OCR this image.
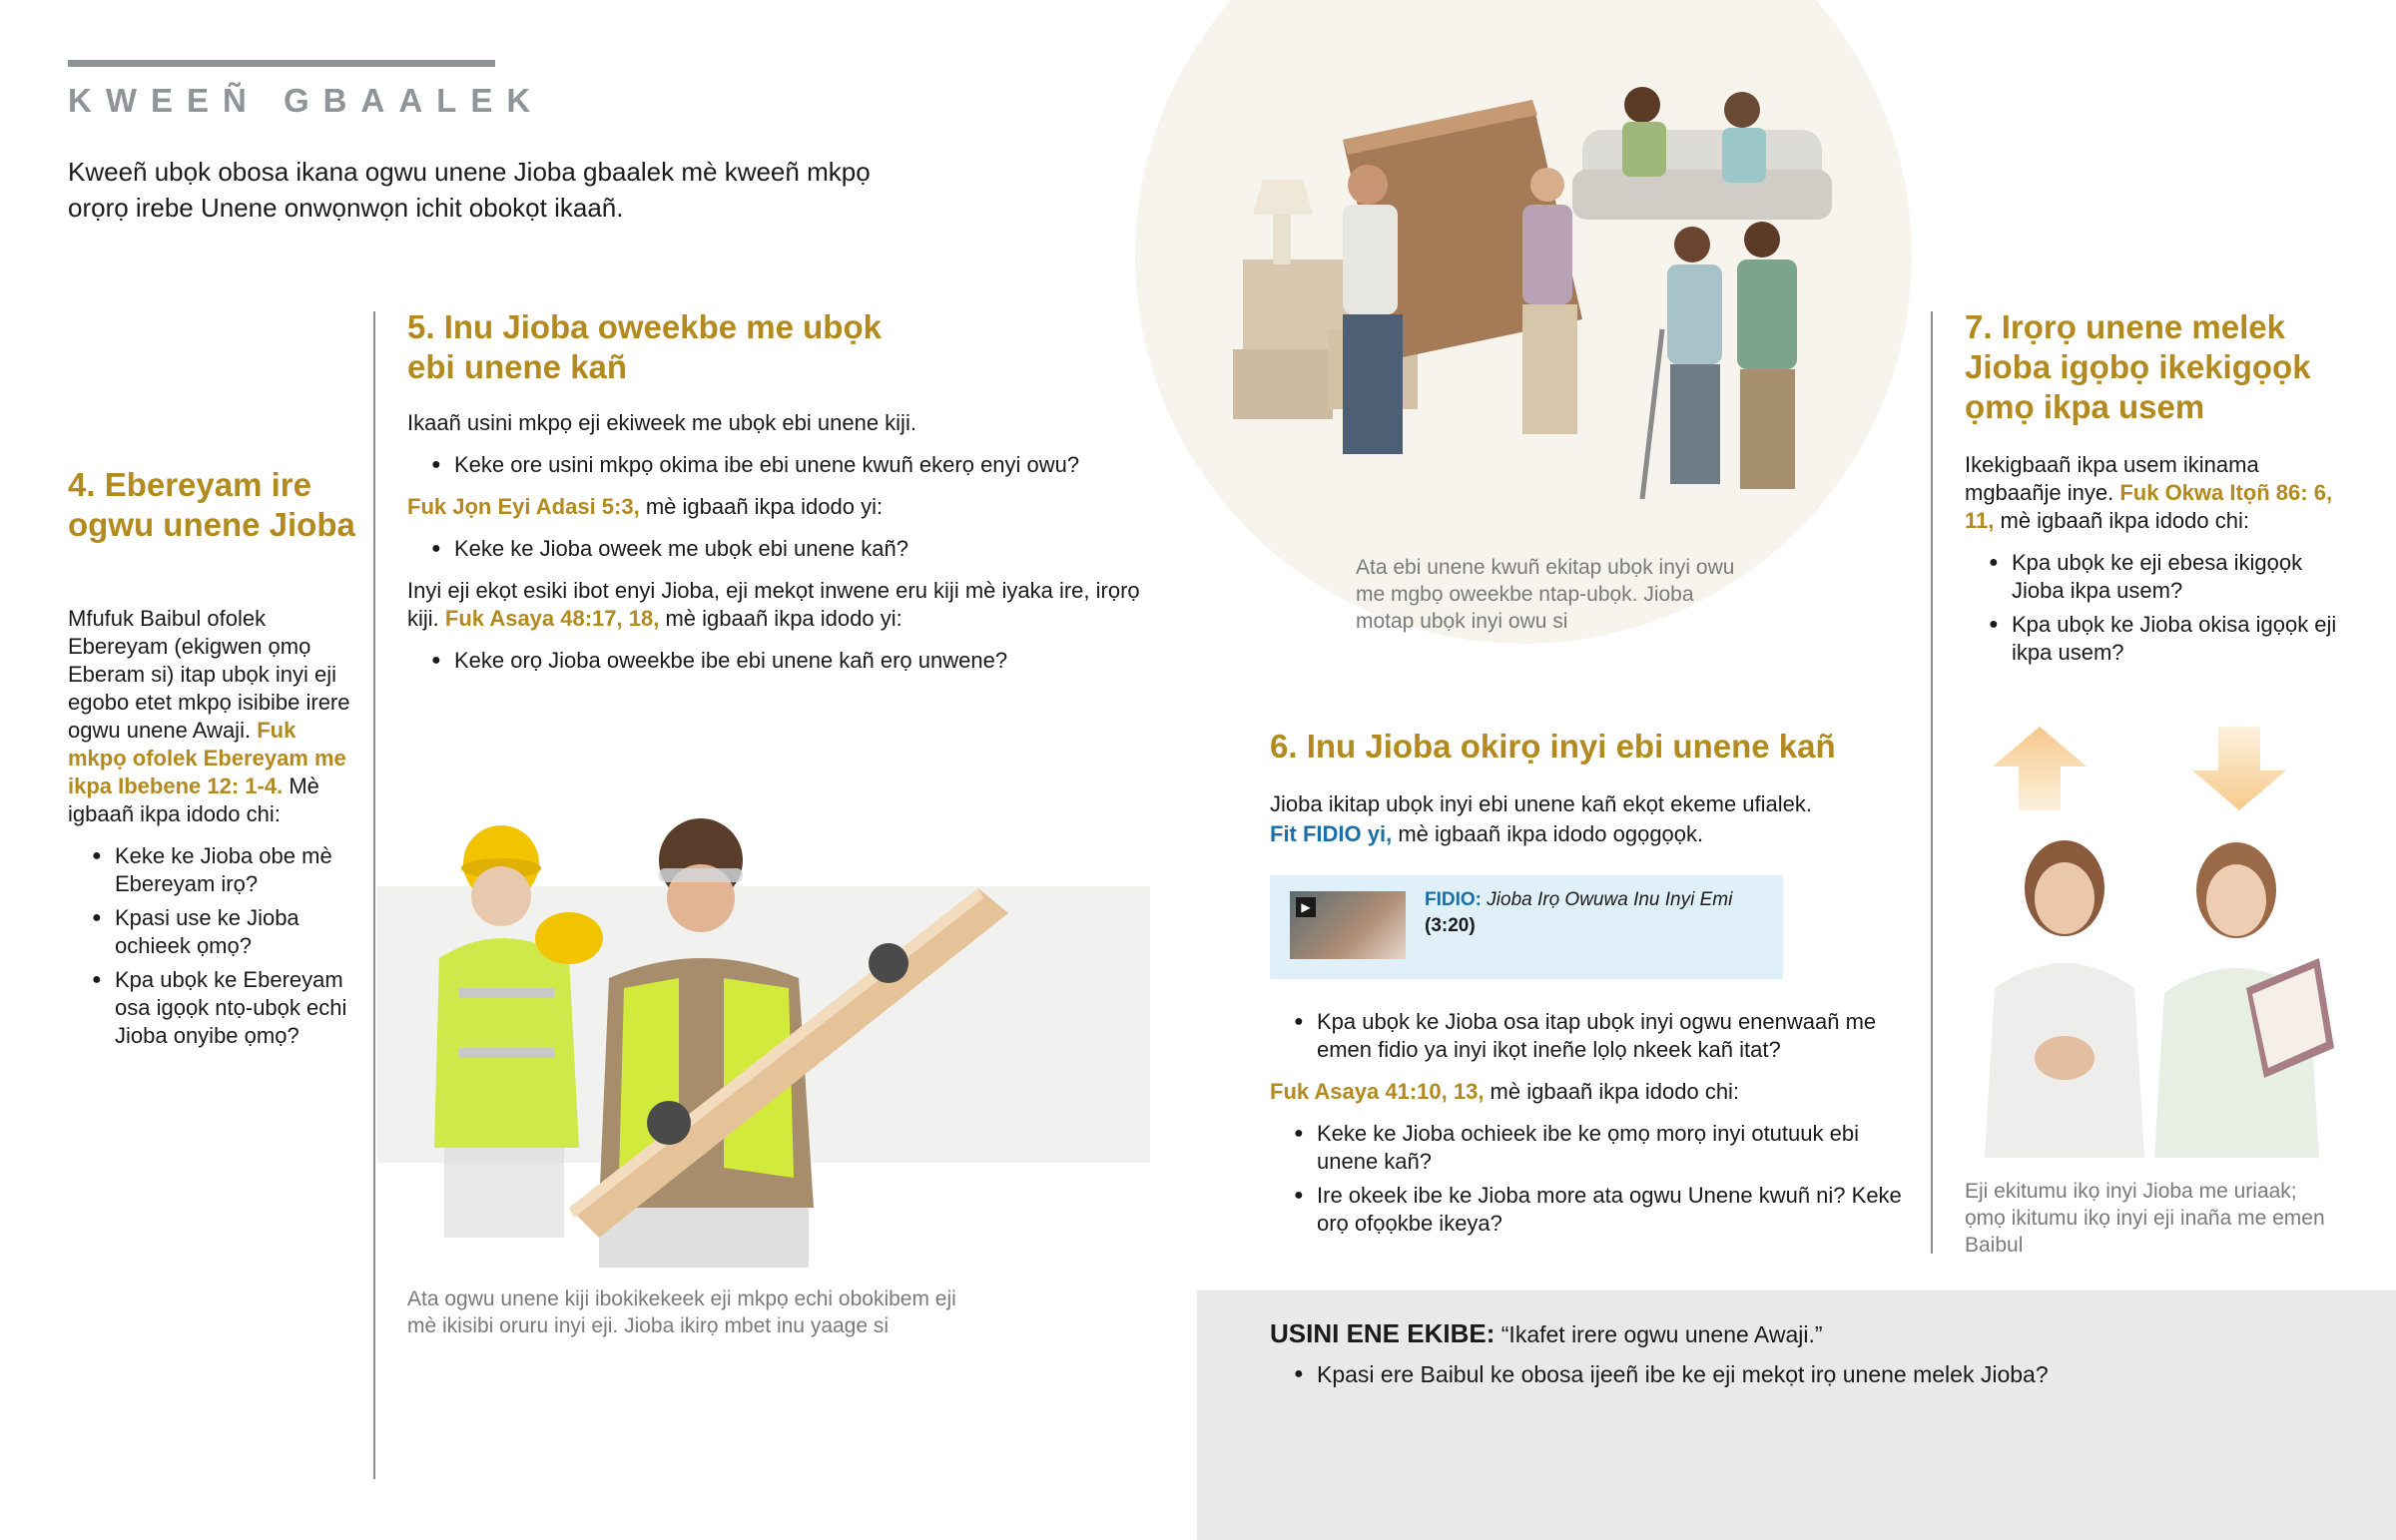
KWEEÑ GBAALEK
Kweeñ ubọk obosa ikana ogwu unene Jioba gbaalek mè kweeñ mkpọ orọrọ irebe Unene onwọnwọn ichit obokọt ikaañ.
4. Ebereyam ire ogwu unene Jioba

Mfufuk Baibul ofolek Ebereyam (ekigwen ọmọ Eberam si) itap ubọk inyi eji egobo etet mkpọ isibibe irere ogwu unene Awaji. Fuk mkpọ ofolek Ebereyam me ikpa Ibebene 12: 1-4. Mè igbaañ ikpa idodo chi:

● Keke ke Jioba obe mè Ebereyam irọ?
● Kpasi use ke Jioba ochieek ọmọ?
● Kpa ubọk ke Ebereyam osa igọọk ntọ-ubọk echi Jioba onyibe ọmọ?
5. Inu Jioba oweekbe me ubọk ebi unene kañ

Ikaañ usini mkpọ eji ekiweek me ubọk ebi unene kiji.

● Keke ore usini mkpọ okima ibe ebi unene kwuñ ekerọ enyi owu?

Fuk Jọn Eyi Adasi 5:3, mè igbaañ ikpa idodo yi:

● Keke ke Jioba oweek me ubọk ebi unene kañ?

Inyi eji ekọt esiki ibot enyi Jioba, eji mekọt inwene eru kiji mè iyaka ire, irọrọ kiji. Fuk Asaya 48:17, 18, mè igbaañ ikpa idodo yi:

● Keke orọ Jioba oweekbe ibe ebi unene kañ erọ unwene?
Ata ogwu unene kiji ibokikekeek eji mkpọ echi obokibem eji mè ikisibi oruru inyi eji. Jioba ikirọ mbet inu yaage si
Ata ebi unene kwuñ ekitap ubọk inyi owu me mgbọ oweekbe ntap-ubọk. Jioba motap ubọk inyi owu si
6. Inu Jioba okirọ inyi ebi unene kañ

Jioba ikitap ubọk inyi ebi unene kañ ekọt ekeme ufialek.

Fit FIDIO yi, mè igbaañ ikpa idodo ogọgọọk.

▶	FIDIO: Jioba Irọ Owuwa Inu Inyi Emi
(3:20)
● Kpa ubọk ke Jioba osa itap ubọk inyi ogwu enenwaañ me emen fidio ya inyi ikọt ineñe lọlọ nkeek kañ itat?

Fuk Asaya 41:10, 13, mè igbaañ ikpa idodo chi:

● Keke ke Jioba ochieek ibe ke ọmọ morọ inyi otutuuk ebi unene kañ?
● Ire okeek ibe ke Jioba more ata ogwu Unene kwuñ ni? Keke orọ ofọọkbe ikeya?
7. Irọrọ unene melek Jioba igọbọ ikekigọọk ọmọ ikpa usem

Ikekigbaañ ikpa usem ikinama mgbaañje inye. Fuk Okwa Itọñ 86: 6, 11, mè igbaañ ikpa idodo chi:

● Kpa ubọk ke eji ebesa ikigọọk Jioba ikpa usem?
● Kpa ubọk ke Jioba okisa igọọk eji ikpa usem?
Eji ekitumu ikọ inyi Jioba me uriaak; ọmọ ikitumu ikọ inyi eji inaña me emen Baibul

USINI ENE EKIBE: “Ikafet irere ogwu unene Awaji.”

● Kpasi ere Baibul ke obosa ijeeñ ibe ke eji mekọt irọ unene melek Jioba?
